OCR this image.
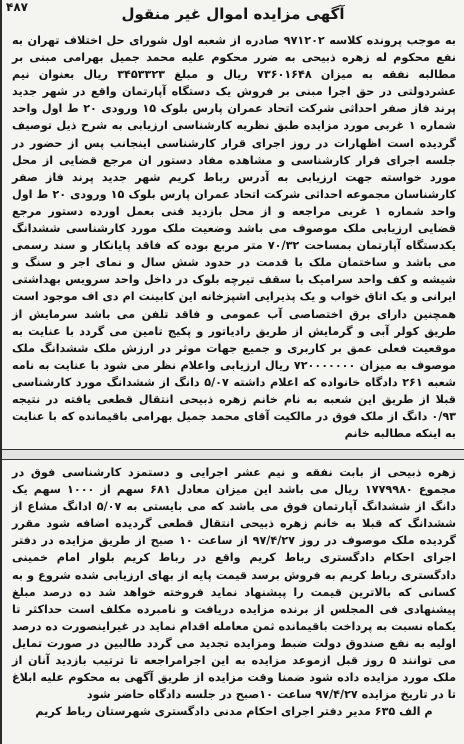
۴۸۷	آگهی مزایده اموال غیر منقول

به موجب پرونده کلاسه ۹۷۱۲۰۲ صادره از شعبه اول شورای حل اختلاف تهران به نفع محکوم له زهره ذبیحی به ضرر محکوم علیه محمد جمیل بهرامی مبنی بر مطالبه نفقه به میزان ۷۳۶۰۱۶۴۸ ریال و مبلغ ۳۴۵۳۳۲۳ ریال بعنوان نیم عشردولتی در حق اجرا مبنی بر فروش یک دستگاه آپارتمان واقع در شهر جدید پرند فاز صفر احداثی شرکت اتحاد عمران پارس بلوک ۱۵ ورودی ۲۰ ط اول واحد شماره ۱ غربی مورد مزایده طبق نظریه کارشناسی ارزیابی به شرح ذیل توصیف گردیده است اظهارات در روز اجرای قرار کارشناسی اینجانب پس از حضور در جلسه اجرای قرار کارشناسی و مشاهده مفاد دستور ان مرجع قضایی از محل مورد خواسته جهت ارزیابی به آدرس رباط کریم شهر جدید پرند فاز صفر کارشناسان مجموعه احداثی شرکت اتحاد عمران پارس بلوک ۱۵ ورودی ۲۰ ط اول واحد شماره ۱ غربی مراجعه و از محل بازدید فنی بعمل اورده دستور مرجع قضایی ارزیابی ملک موصوف می باشد وضعیت ملک مورد کارشناسی ششدانگ یکدستگاه آپارتمان بمساحت ۷۰/۳۲ متر مربع بوده که فاقد پایانکار و سند رسمی می باشد و ساختمان ملک با قدمت در حدود شش سال و نمای اجر و سنگ و شیشه و کف واحد سرامیک با سقف تیرچه بلوک در داخل واحد سرویس بهداشتی ایرانی و یک اتاق خواب و یک پذیرایی اشپزخانه این کابینت ام دی اف موجود است همچنین دارای برق اختصاصی آب عمومی و فاقد تلفن می باشد سرمایش از طریق کولر آبی و گرمایش از طریق رادیاتور و پکیج تامین می گردد با عنایت به موقعیت فعلی عمق بر کاربری و جمیع جهات موثر در ارزش ملک ششدانگ ملک موصوف به میزان ۷۲۰۰۰۰۰۰۰ ریال ارزیابی واعلام نظر می شود با عنایت به نامه شعبه ۲۶۱ دادگاه خانواده که اعلام داشته ۵/۰۷ دانگ از ششدانگ مورد کارشناسی قبلا از طریق این شعبه به نام خانم زهره ذبیحی انتقال قطعی یافته در نتیجه ۰/۹۳ دانگ از ملک فوق در مالکیت آقای محمد جمیل بهرامی باقیمانده که با عنایت به اینکه مطالبه خانم

زهره ذبیحی از بابت نفقه و نیم عشر اجرایی و دستمزد کارشناسی فوق در مجموع ۱۷۷۹۹۸۰ ریال می باشد این میزان معادل ۶۸۱ سهم از ۱۰۰۰ سهم یک دانگ از ششدانگ آپارتمان فوق می باشد که می بایستی به ۵/۰۷ ادانگ مشاع از ششدانگ که قبلا به خانم زهره ذبیحی انتقال قطعی گردیده اضافه شود مقرر گردیده ملک موصوف در روز ۹۷/۴/۲۷ از ساعت ۱۰ صبح از طریق مزایده در دفتر اجرای احکام دادگستری رباط کریم واقع در رباط کریم بلوار امام خمینی دادگستری رباط کریم به فروش برسد قیمت پایه از بهای ارزیابی شده شروع و به کسانی که بالاترین قیمت را پیشنهاد نماید فروخته خواهد شد ده درصد مبلغ پیشنهادی فی المجلس از برنده مزایده دریافت و نامبرده مکلف است حداکثر تا یکماه نسبت به پرداخت باقیمانده ثمن معامله اقدام نماید در غیراینصورت ده درصد اولیه به نفع صندوق دولت ضبط ومزایده تجدید می گردد طالبین در صورت تمایل می توانند ۵ روز قبل ازموعد مزایده به این اجرامراجعه تا ترتیب بازدید آنان از ملک مورد مزایده داده شود ضمنا وقت مزایده از طریق آگهی به محکوم علیه ابلاغ تا در تاریخ مزایده ۹۷/۴/۲۷ ساعت ۱۰صبح در جلسه دادگاه حاضر شود

م الف ۶۳۵ مدیر دفتر اجرای احکام مدنی دادگستری شهرستان رباط کریم
